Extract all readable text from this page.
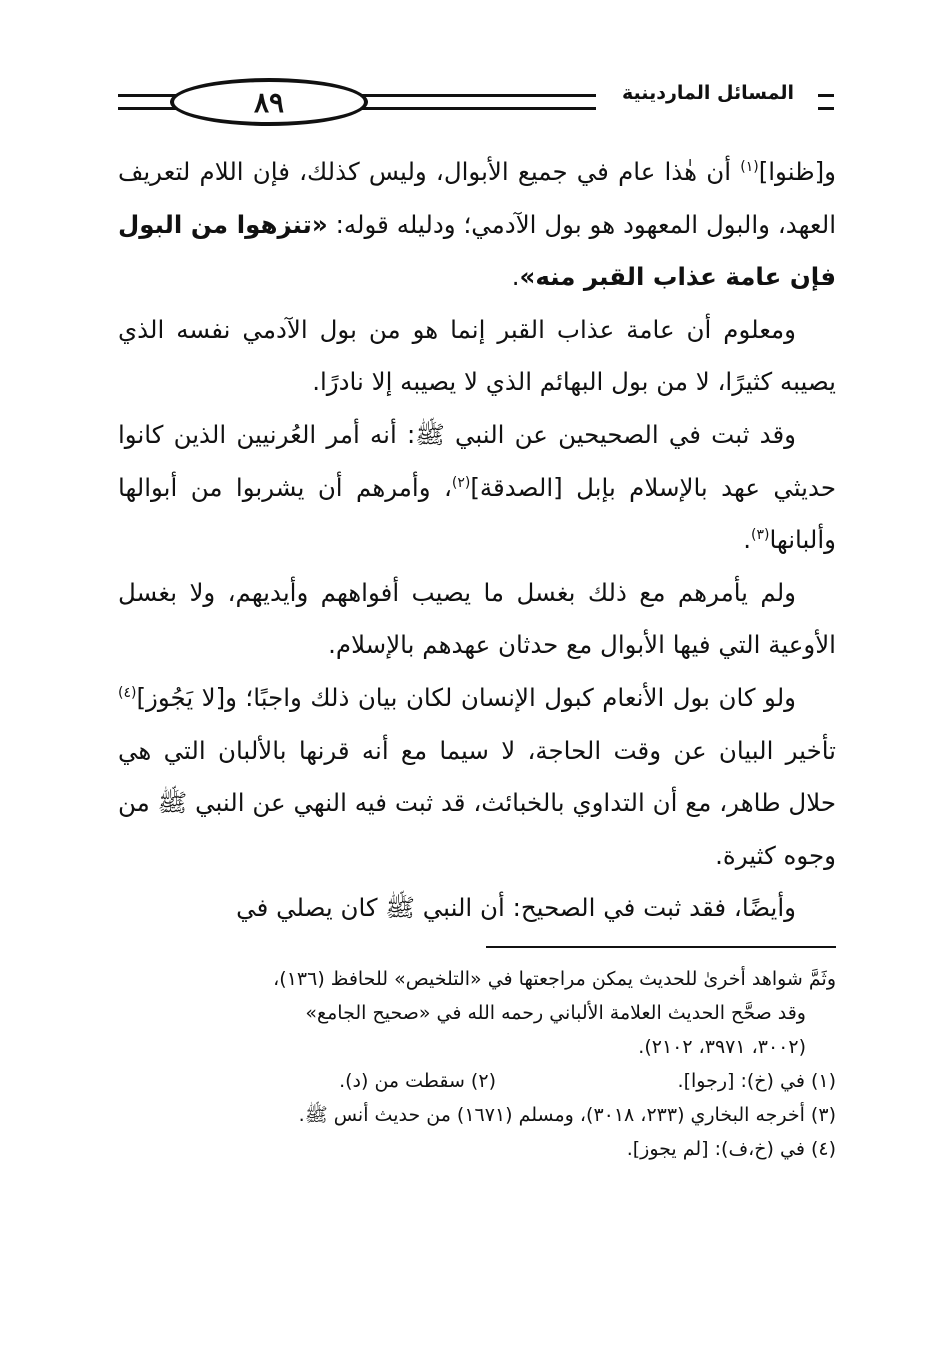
٨٩	المسائل الماردينية

و[ظنوا]$^{(١)}$ أن هٰذا عام في جميع الأبوال، وليس كذلك، فإن اللام لتعريف العهد، والبول المعهود هو بول الآدمي؛ ودليله قوله: «تنزهوا من البول فإن عامة عذاب القبر منه».

ومعلوم أن عامة عذاب القبر إنما هو من بول الآدمي نفسه الذي يصيبه كثيرًا، لا من بول البهائم الذي لا يصيبه إلا نادرًا.

وقد ثبت في الصحيحين عن النبي ﷺ: أنه أمر العُرنيين الذين كانوا حديثي عهد بالإسلام بإبل [الصدقة]$^{(٢)}$، وأمرهم أن يشربوا من أبوالها وألبانها$^{(٣)}$.

ولم يأمرهم مع ذلك بغسل ما يصيب أفواههم وأيديهم، ولا بغسل الأوعية التي فيها الأبوال مع حدثان عهدهم بالإسلام.

ولو كان بول الأنعام كبول الإنسان لكان بيان ذلك واجبًا؛ و[لا يَجُوز]$^{(٤)}$ تأخير البيان عن وقت الحاجة، لا سيما مع أنه قرنها بالألبان التي هي حلال طاهر، مع أن التداوي بالخبائث، قد ثبت فيه النهي عن النبي ﷺ من وجوه كثيرة.

وأيضًا، فقد ثبت في الصحيح: أن النبي ﷺ كان يصلي في

وثَمَّ شواهد أخرىٰ للحديث يمكن مراجعتها في «التلخيص» للحافظ (١٣٦)،

وقد صحَّح الحديث العلامة الألباني رحمه الله في «صحيح الجامع»

(٣٠٠٢، ٣٩٧١، ٢١٠٢).

(١) في (خ): [رجوا].
(٢) سقطت من (د).

(٣) أخرجه البخاري (٢٣٣، ٣٠١٨)، ومسلم (١٦٧١) من حديث أنس ﷺ.

(٤) في (خ،ف): [لم يجوز].
